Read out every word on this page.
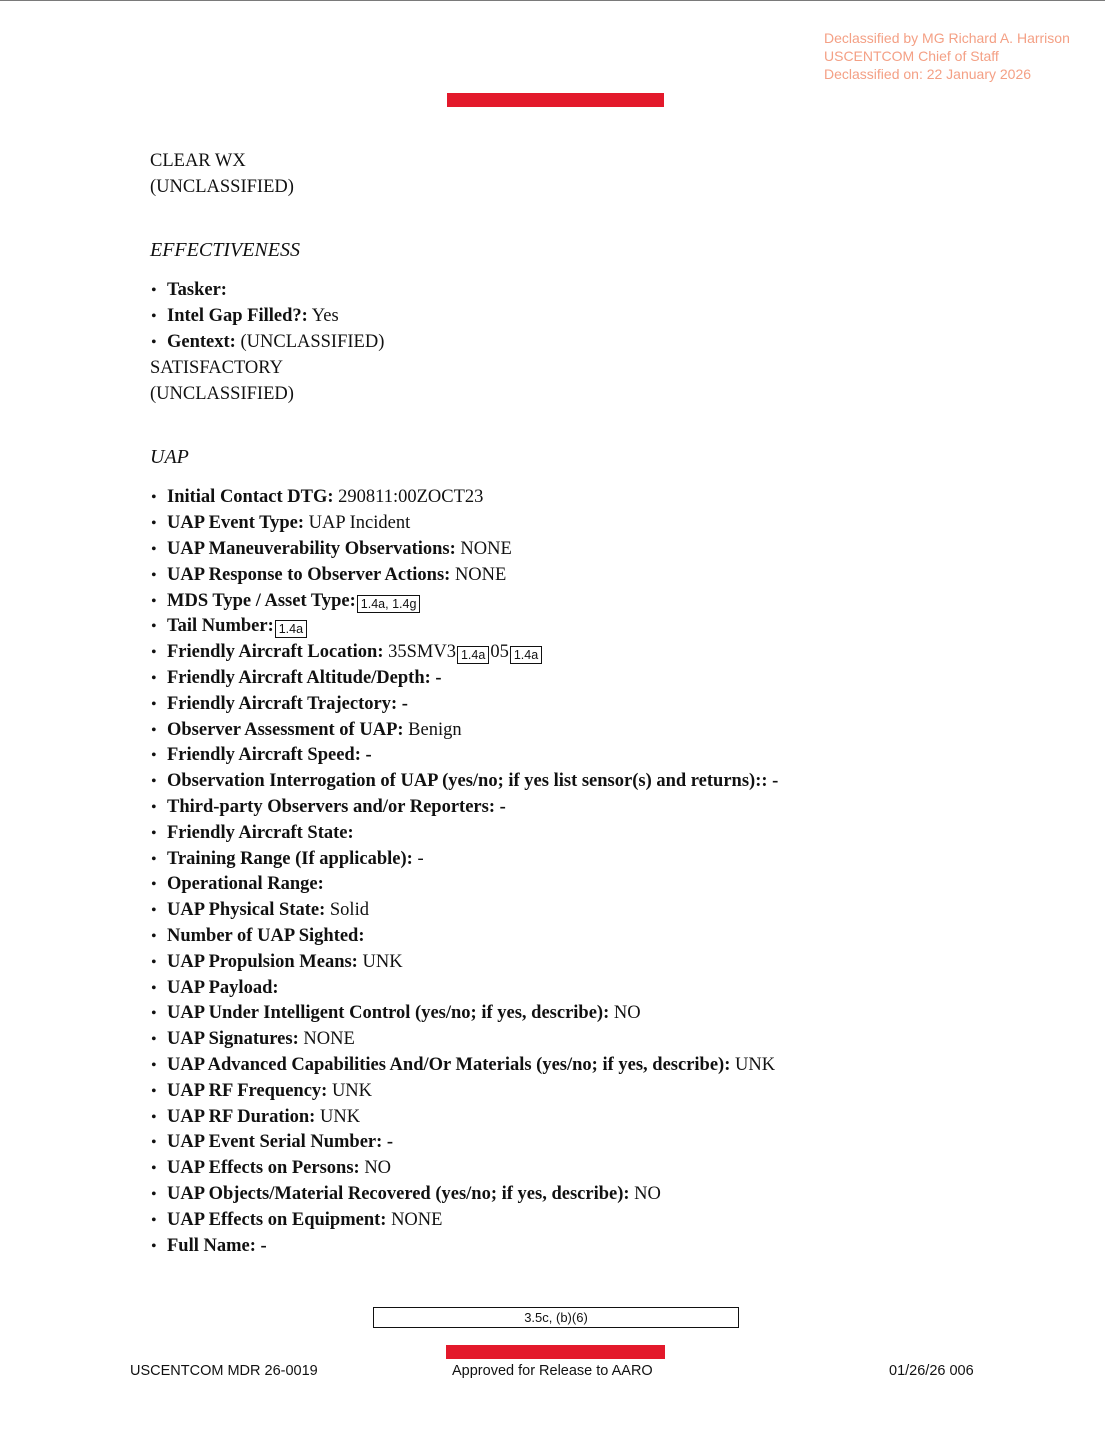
Declassified by MG Richard A. Harrison
USCENTCOM Chief of Staff
Declassified on: 22 January 2026
CLEAR WX
(UNCLASSIFIED)
EFFECTIVENESS
• Tasker:
• Intel Gap Filled?: Yes
• Gentext: (UNCLASSIFIED)
SATISFACTORY
(UNCLASSIFIED)
UAP
• Initial Contact DTG: 290811:00ZOCT23
• UAP Event Type: UAP Incident
• UAP Maneuverability Observations: NONE
• UAP Response to Observer Actions: NONE
• MDS Type / Asset Type: 1.4a, 1.4g
• Tail Number: 1.4a
• Friendly Aircraft Location: 35SMV3 1.4a 05 1.4a
• Friendly Aircraft Altitude/Depth: -
• Friendly Aircraft Trajectory: -
• Observer Assessment of UAP: Benign
• Friendly Aircraft Speed: -
• Observation Interrogation of UAP (yes/no; if yes list sensor(s) and returns):: -
• Third-party Observers and/or Reporters: -
• Friendly Aircraft State:
• Training Range (If applicable): -
• Operational Range:
• UAP Physical State: Solid
• Number of UAP Sighted:
• UAP Propulsion Means: UNK
• UAP Payload:
• UAP Under Intelligent Control (yes/no; if yes, describe): NO
• UAP Signatures: NONE
• UAP Advanced Capabilities And/Or Materials (yes/no; if yes, describe): UNK
• UAP RF Frequency: UNK
• UAP RF Duration: UNK
• UAP Event Serial Number: -
• UAP Effects on Persons: NO
• UAP Objects/Material Recovered (yes/no; if yes, describe): NO
• UAP Effects on Equipment: NONE
• Full Name: -
3.5c, (b)(6)
USCENTCOM MDR 26-0019	Approved for Release to AARO	01/26/26 006
